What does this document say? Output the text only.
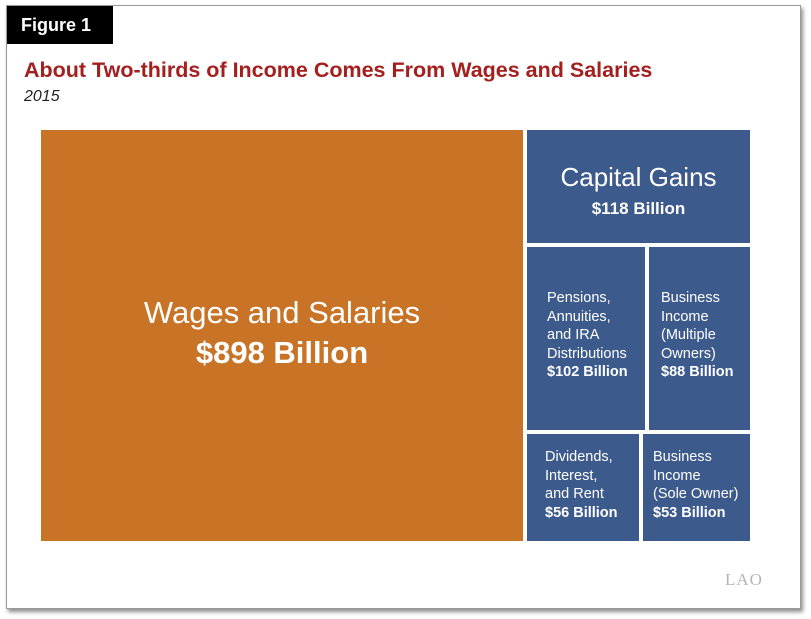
Figure 1
About Two-thirds of Income Comes From Wages and Salaries
2015
Wages and Salaries
$898 Billion
Capital Gains
$118 Billion
Pensions,
Annuities,
and IRA
Distributions
$102 Billion
Business
Income
(Multiple
Owners)
$88 Billion
Dividends,
Interest,
and Rent
$56 Billion
Business
Income
(Sole Owner)
$53 Billion
LAO
